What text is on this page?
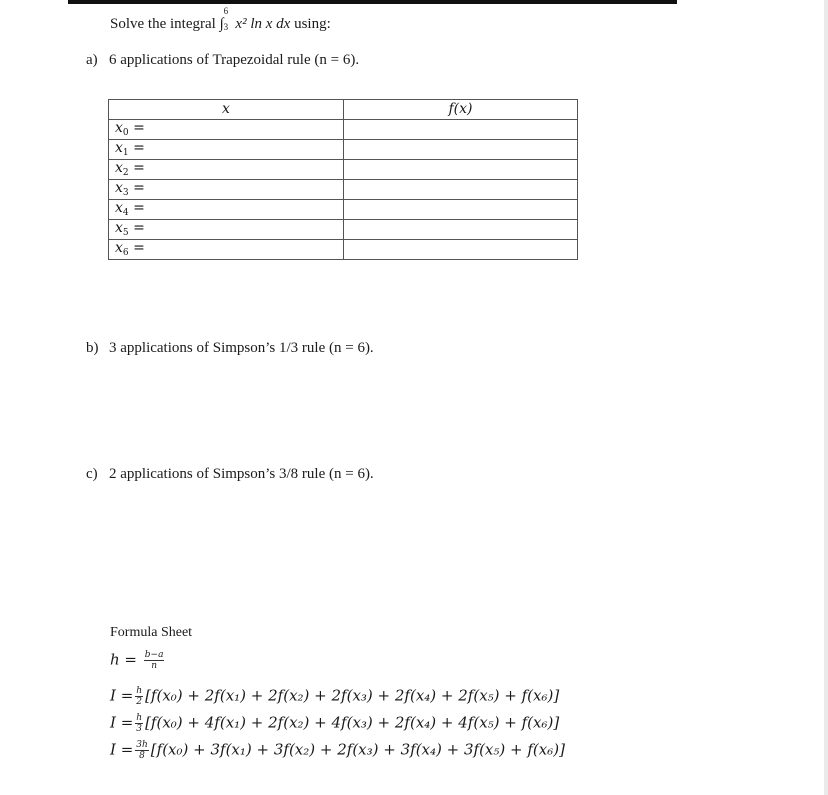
Solve the integral ∫
6
3 x² ln x dx using:
a) 6 applications of Trapezoidal rule (n = 6).
x	f(x)
$x_0$ =	
$x_1$ =	
$x_2$ =	
$x_3$ =	
$x_4$ =	
$x_5$ =	
$x_6$ =	
b) 3 applications of Simpson’s 1/3 rule (n = 6).
c) 2 applications of Simpson’s 3/8 rule (n = 6).
Formula Sheet
$h = \frac{b-a}{n}$
$I = \frac{h}{2} [f(x_0) + 2f(x_1) + 2f(x_2) + 2f(x_3) + 2f(x_4) + 2f(x_5) + f(x_6)]$
$I = \frac{h}{3} [f(x_0) + 4f(x_1) + 2f(x_2) + 4f(x_3) + 2f(x_4) + 4f(x_5) + f(x_6)]$
$I = \frac{3h}{8} [f(x_0) + 3f(x_1) + 3f(x_2) + 2f(x_3) + 3f(x_4) + 3f(x_5) + f(x_6)]$
